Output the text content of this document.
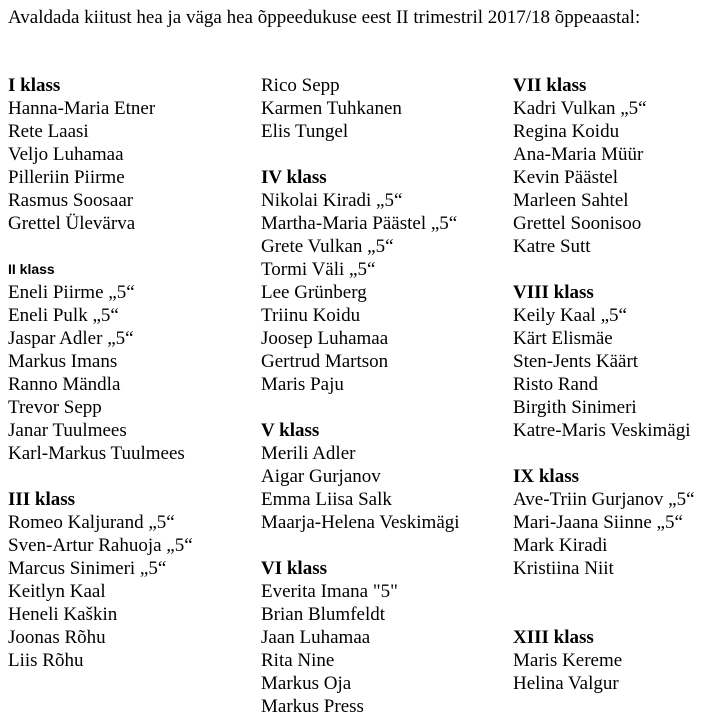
Avaldada kiitust hea ja väga hea õppeedukuse eest II trimestril 2017/18 õppeaastal:
I klass
Hanna-Maria Etner
Rete Laasi
Veljo Luhamaa
Pilleriin Piirme
Rasmus Soosaar
Grettel Ülevärva
II klass
Eneli Piirme „5“
Eneli Pulk „5“
Jaspar Adler „5“
Markus Imans
Ranno Mändla
Trevor Sepp
Janar Tuulmees
Karl-Markus Tuulmees
III klass
Romeo Kaljurand „5“
Sven-Artur Rahuoja „5“
Marcus Sinimeri „5“
Keitlyn Kaal
Heneli Kaškin
Joonas Rõhu
Liis Rõhu
Rico Sepp
Karmen Tuhkanen
Elis Tungel
IV klass
Nikolai Kiradi „5“
Martha-Maria Päästel „5“
Grete Vulkan „5“
Tormi Väli „5“
Lee Grünberg
Triinu Koidu
Joosep Luhamaa
Gertrud Martson
Maris Paju
V klass
Merili Adler
Aigar Gurjanov
Emma Liisa Salk
Maarja-Helena Veskimägi
VI klass
Everita Imana "5"
Brian Blumfeldt
Jaan Luhamaa
Rita Nine
Markus Oja
Markus Press
VII klass
Kadri Vulkan „5“
Regina Koidu
Ana-Maria Müür
Kevin Päästel
Marleen Sahtel
Grettel Soonisoo
Katre Sutt
VIII klass
Keily Kaal „5“
Kärt Elismäe
Sten-Jents Käärt
Risto Rand
Birgith Sinimeri
Katre-Maris Veskimägi
IX klass
Ave-Triin Gurjanov „5“
Mari-Jaana Siinne „5“
Mark Kiradi
Kristiina Niit
XIII klass
Maris Kereme
Helina Valgur
